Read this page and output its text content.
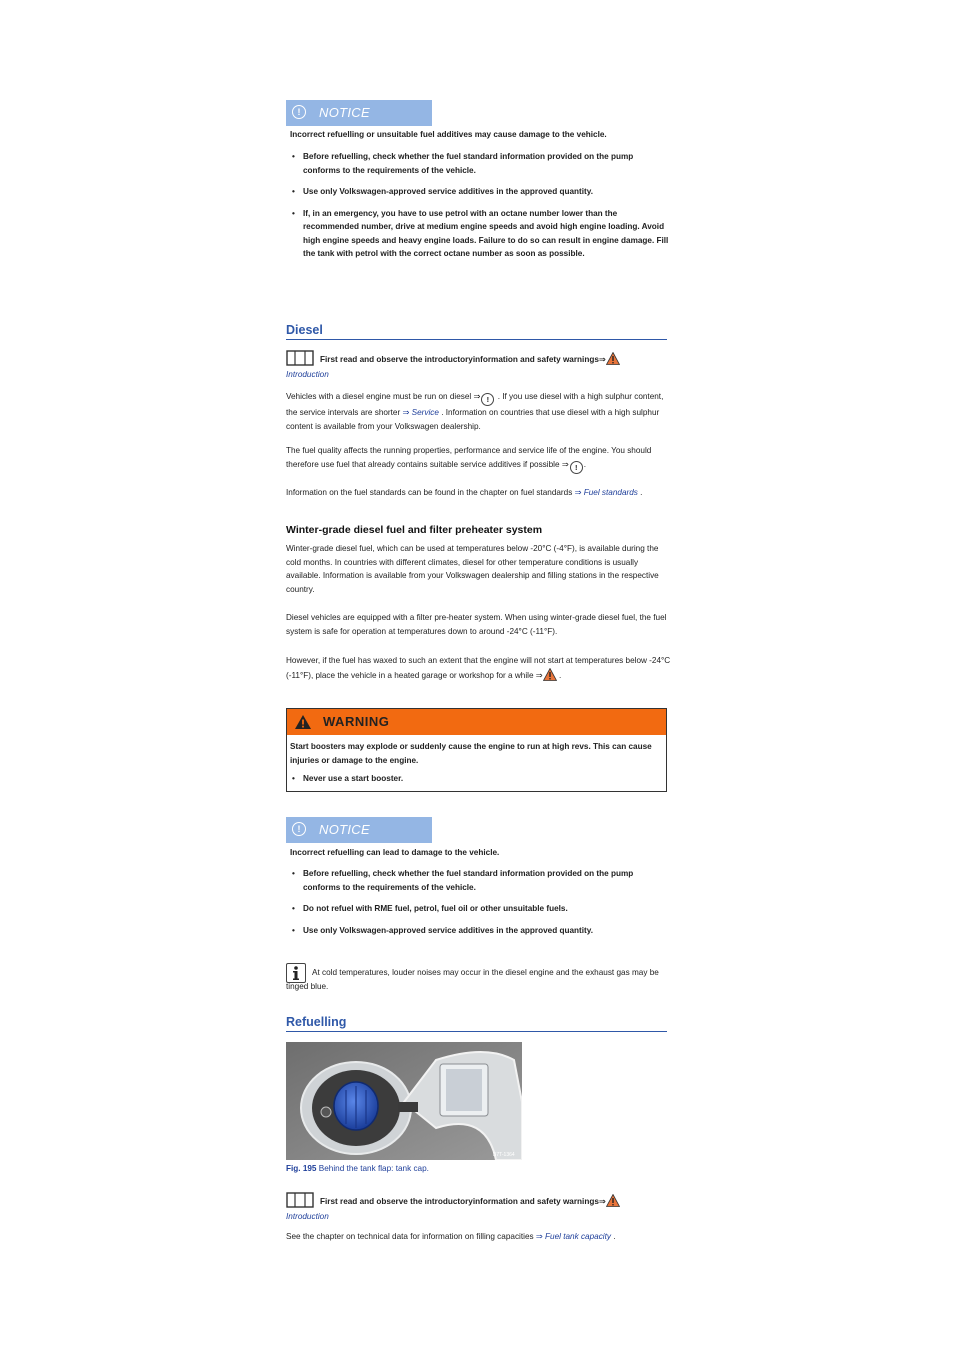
!	NOTICE

Incorrect refuelling or unsuitable fuel additives may cause damage to the vehicle.

• Before refuelling, check whether the fuel standard information provided on the pump conforms to the requirements of the vehicle.
• Use only Volkswagen-approved service additives in the approved quantity.
• If, in an emergency, you have to use petrol with an octane number lower than the recommended number, drive at medium engine speeds and avoid high engine loading. Avoid high engine speeds and heavy engine loads. Failure to do so can result in engine damage. Fill the tank with petrol with the correct octane number as soon as possible.
Diesel

First read and observe the introductoryinformation and safety warnings⇒

Introduction

Vehicles with a diesel engine must be run on diesel ⇒ ! . If you use diesel with a high sulphur content, the service intervals are shorter ⇒ Service . Information on countries that use diesel with a high sulphur content is available from your Volkswagen dealership.

The fuel quality affects the running properties, performance and service life of the engine. You should therefore use fuel that already contains suitable service additives if possible ⇒ ! .

Information on the fuel standards can be found in the chapter on fuel standards ⇒ Fuel standards .

Winter-grade diesel fuel and filter preheater system

Winter-grade diesel fuel, which can be used at temperatures below -20°C (-4°F), is available during the cold months. In countries with different climates, diesel for other temperature conditions is usually available. Information is available from your Volkswagen dealership and filling stations in the respective country.

Diesel vehicles are equipped with a filter pre-heater system. When using winter-grade diesel fuel, the fuel system is safe for operation at temperatures down to around -24°C (-11°F).

However, if the fuel has waxed to such an extent that the engine will not start at temperatures below -24°C (-11°F), place the vehicle in a heated garage or workshop for a while ⇒ .

WARNING

Start boosters may explode or suddenly cause the engine to run at high revs. This can cause injuries or damage to the engine.

• Never use a start booster.
!	NOTICE

Incorrect refuelling can lead to damage to the vehicle.

• Before refuelling, check whether the fuel standard information provided on the pump conforms to the requirements of the vehicle.
• Do not refuel with RME fuel, petrol, fuel oil or other unsuitable fuels.
• Use only Volkswagen-approved service additives in the approved quantity.

At cold temperatures, louder noises may occur in the diesel engine and the exhaust gas may be tinged blue.

Refuelling
B7T-1364

Fig. 195 Behind the tank flap: tank cap.

First read and observe the introductoryinformation and safety warnings⇒

Introduction

See the chapter on technical data for information on filling capacities ⇒ Fuel tank capacity .
